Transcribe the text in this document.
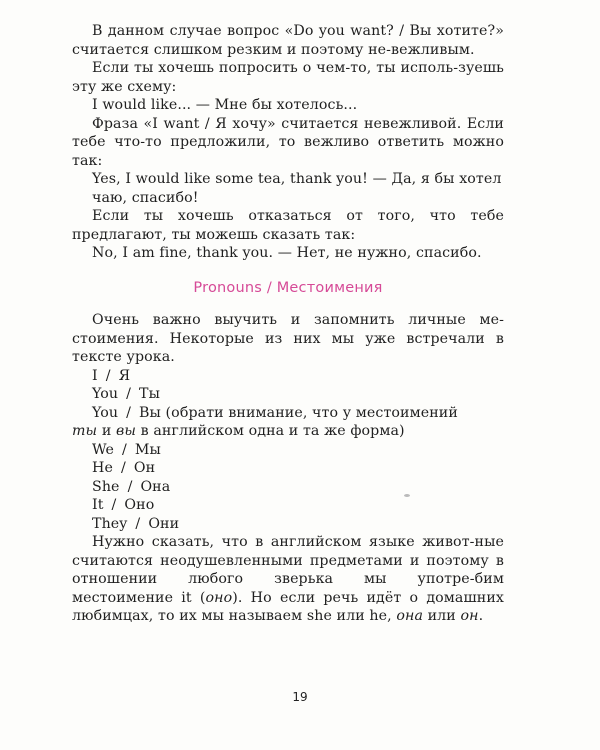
В данном случае вопрос «Do you want? / Вы хотите?» считается слишком резким и поэтому не-вежливым.

Если ты хочешь попросить о чем-то, ты исполь-зуешь эту же схему:

I would like... — Мне бы хотелось...

Фраза «I want / Я хочу» считается невежливой. Если тебе что-то предложили, то вежливо ответить можно так:

Yes, I would like some tea, thank you! — Да, я бы хотел чаю, спасибо!

Если ты хочешь отказаться от того, что тебе предлагают, ты можешь сказать так:

No, I am fine, thank you. — Нет, не нужно, спасибо.

Pronouns / Местоимения

Очень важно выучить и запомнить личные ме-стоимения. Некоторые из них мы уже встречали в тексте урока.

I / Я
You / Ты
You / Вы (обрати внимание, что у местоимений

ты и вы в английском одна и та же форма)

We / Мы
He / Он
She / Она
It / Оно
They / Они

Нужно сказать, что в английском языке живот-ные считаются неодушевленными предметами и поэтому в отношении любого зверька мы употре-бим местоимение it (оно). Но если речь идёт о домашних любимцах, то их мы называем she или he, она или он.

19
